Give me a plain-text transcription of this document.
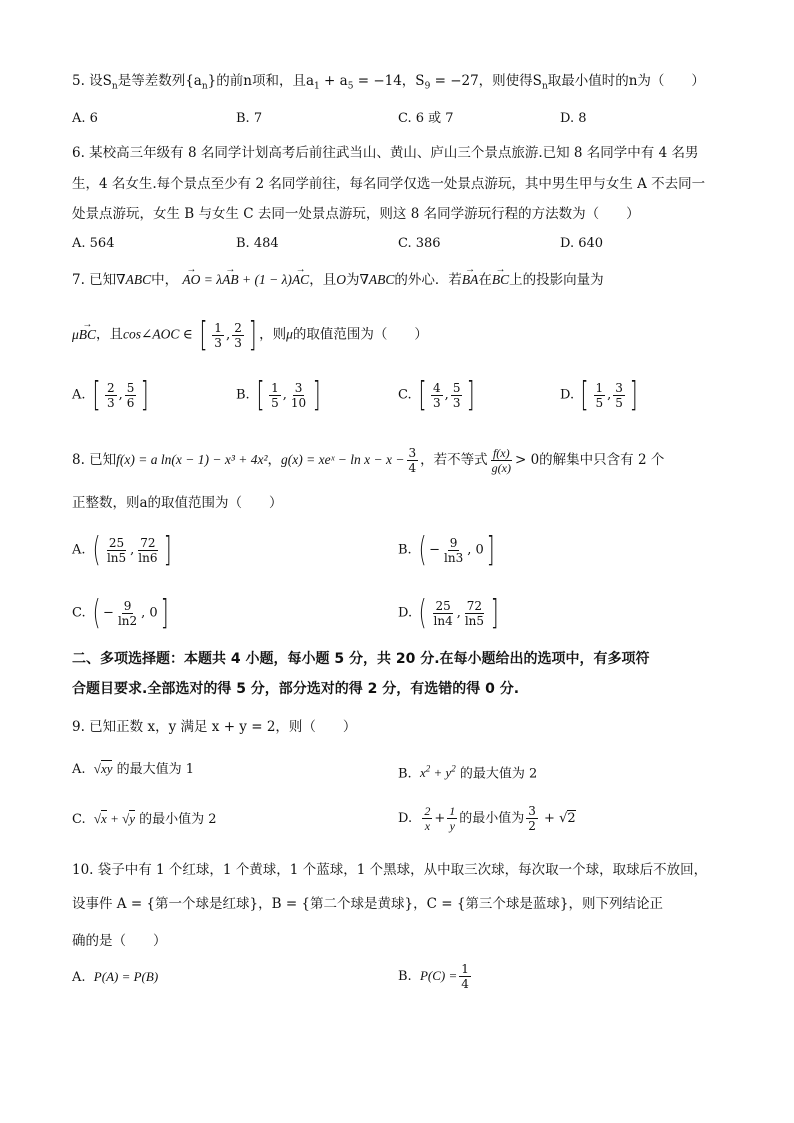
5. 设$S_n$是等差数列$\{a_n\}$的前n项和，且$a_1 + a_5 = -14$，$S_9 = -27$，则使得$S_n$取最小值时的n为（　　）
A. 6	B. 7	C. 6 或 7	D. 8
6. 某校高三年级有 8 名同学计划高考后前往武当山、黄山、庐山三个景点旅游.已知 8 名同学中有 4 名男
生，4 名女生.每个景点至少有 2 名同学前往，每名同学仅选一处景点游玩，其中男生甲与女生 A 不去同一
处景点游玩，女生 B 与女生 C 去同一处景点游玩，则这 8 名同学游玩行程的方法数为（　　）
A. 564	B. 484	C. 386	D. 640
7. 已知∇ABC中， → AO = λ→ AB + (1 − λ)→ AC，且O为∇ABC的外心．若→ BA在→ BC上的投影向量为
μ→ BC，且cos∠AOC ∈ [ $\frac{1}{3}$ , $\frac{2}{3}$ ] ，则μ的取值范围为（　　）
A. [ $\frac{2}{3}$ , $\frac{5}{6}$ ]	B. [ $\frac{1}{5}$ , $\frac{3}{10}$ ]	C. [ $\frac{4}{3}$ , $\frac{5}{3}$ ]	D. [ $\frac{1}{5}$ , $\frac{3}{5}$ ]
8. 已知f(x) = a ln(x − 1) − x³ + 4x²，g(x) = xeˣ − $\ln x - x - \frac{3}{4}$ ，若不等式 $\frac{f(x)}{g(x)} > 0$的解集中只含有 2 个
正整数，则a的取值范围为（　　）
A. ( $\frac{25}{\ln 5}$ , $\frac{72}{\ln 6}$ ]	B. ( − $\frac{9}{\ln 3}$ , 0]
C. ( − $\frac{9}{\ln 2}$ , 0]	D. ( $\frac{25}{\ln 4}$ , $\frac{72}{\ln 5}$ ]
二、多项选择题：本题共 4 小题，每小题 5 分，共 20 分.在每小题给出的选项中，有多项符
合题目要求.全部选对的得 5 分，部分选对的得 2 分，有选错的得 0 分.
9. 已知正数 x，y 满足 x + y = 2，则（　　）
A. √xy 的最大值为 1	B. $x^2 + y^2$ 的最大值为 2
C. √x + √y 的最小值为 2	D. $\frac{2}{x} + \frac{1}{y}$ 的最小值为 $\frac{3}{2} + √2$
10. 袋子中有 1 个红球，1 个黄球，1 个蓝球，1 个黑球，从中取三次球，每次取一个球，取球后不放回，
设事件 A = {第一个球是红球}，B = {第二个球是黄球}，C = {第三个球是蓝球}，则下列结论正
确的是（　　）
A. P(A) = P(B)	B. $P(C) = \frac{1}{4}$
